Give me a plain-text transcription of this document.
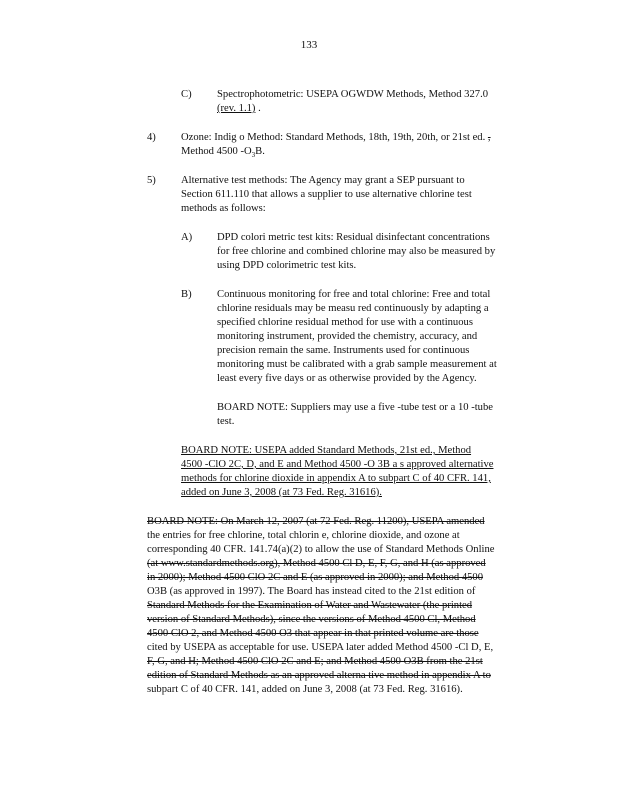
133
C) Spectrophotometric: USEPA OGWDW Methods, Method 327.0
(rev. 1.1) .
4) Ozone: Indig o Method: Standard Methods, 18th, 19th, 20th, or 21st ed. ,
Method 4500 $-O_3B$.
5) Alternative test methods: The Agency may grant a SEP pursuant to
Section 611.110 that allows a supplier to use alternative chlorine test
methods as follows:
A) DPD colori metric test kits: Residual disinfectant concentrations
for free chlorine and combined chlorine may also be measured by
using DPD colorimetric test kits.
B) Continuous monitoring for free and total chlorine: Free and total
chlorine residuals may be measu red continuously by adapting a
specified chlorine residual method for use with a continuous
monitoring instrument, provided the chemistry, accuracy, and
precision remain the same. Instruments used for continuous
monitoring must be calibrated with a grab sample measurement at
least every five days or as otherwise provided by the Agency.
BOARD NOTE: Suppliers may use a five -tube test or a 10 -tube
test.
BOARD NOTE: USEPA added Standard Methods, 21st ed., Method
4500 -ClO 2C, D, and E and Method 4500 -O 3B a s approved alternative
methods for chlorine dioxide in appendix A to subpart C of 40 CFR. 141,
added on June 3, 2008 (at 73 Fed. Reg. 31616).
BOARD NOTE: On March 12, 2007 (at 72 Fed. Reg. 11200), USEPA amended
the entries for free chlorine, total chlorin e, chlorine dioxide, and ozone at
corresponding 40 CFR. 141.74(a)(2) to allow the use of Standard Methods Online
(at www.standardmethods.org), Method 4500 Cl D, E, F, G, and H (as approved
in 2000); Method 4500 ClO 2C and E (as approved in 2000); and Method 4500
O3B (as approved in 1997). The Board has instead cited to the 21st edition of
Standard Methods for the Examination of Water and Wastewater (the printed
version of Standard Methods), since the versions of Method 4500 Cl, Method
4500 ClO 2, and Method 4500 O3 that appear in that printed volume are those
cited by USEPA as acceptable for use. USEPA later added Method 4500 -Cl D, E,
F, G, and H; Method 4500 ClO 2C and E; and Method 4500 O3B from the 21st
edition of Standard Methods as an approved alterna tive method in appendix A to
subpart C of 40 CFR. 141, added on June 3, 2008 (at 73 Fed. Reg. 31616).
